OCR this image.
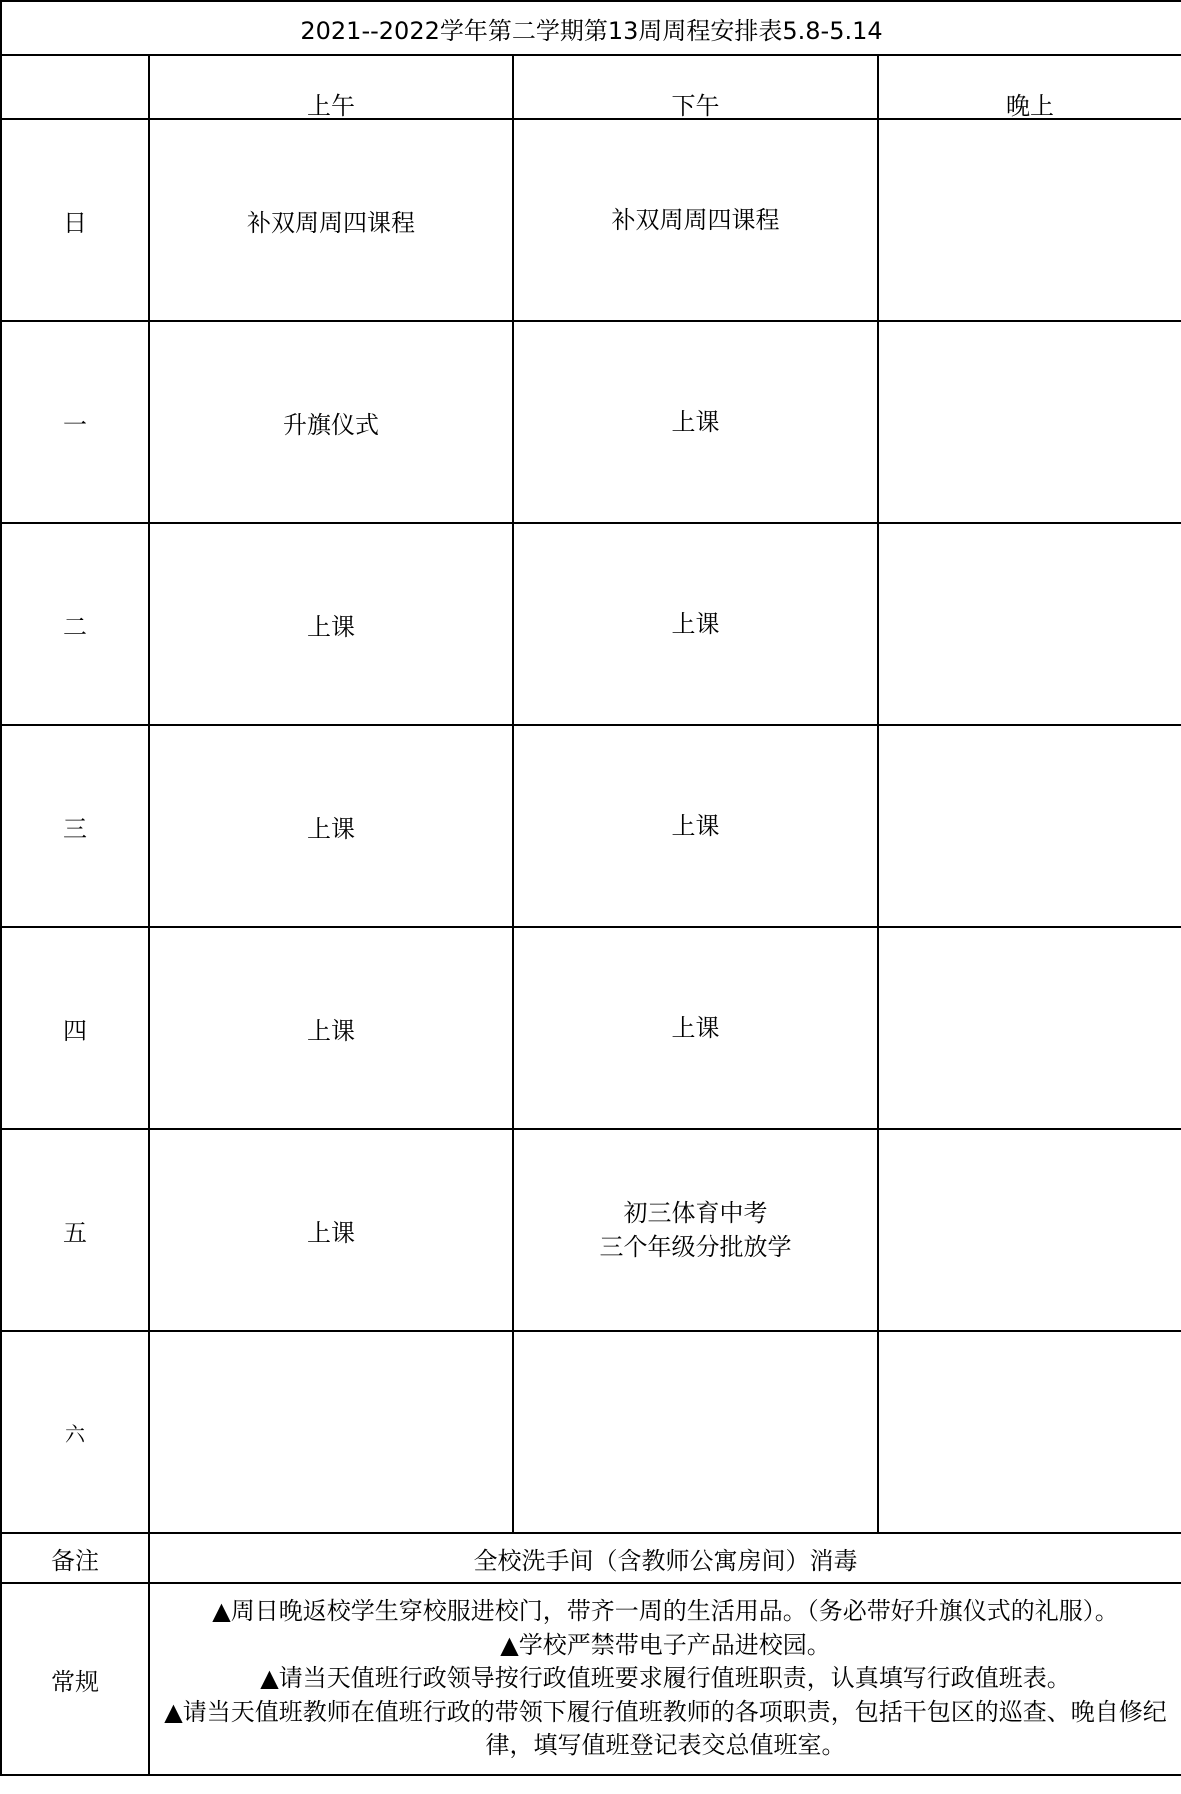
2021--2022学年第二学期第13周周程安排表5.8-5.14			

	上午	下午	晚上

日	补双周周四课程	补双周周四课程	

一	升旗仪式	上课	

二	上课	上课	

三	上课	上课	

四	上课	上课	

五	上课	初三体育中考
三个年级分批放学	

六		

备注	全校洗手间（含教师公寓房间）消毒		
常规	▲周日晚返校学生穿校服进校门，带齐一周的生活用品。（务必带好升旗仪式的礼服）。
▲学校严禁带电子产品进校园。
▲请当天值班行政领导按行政值班要求履行值班职责，认真填写行政值班表。
▲请当天值班教师在值班行政的带领下履行值班教师的各项职责，包括干包区的巡查、晚自修纪律，填写值班登记表交总值班室。		
